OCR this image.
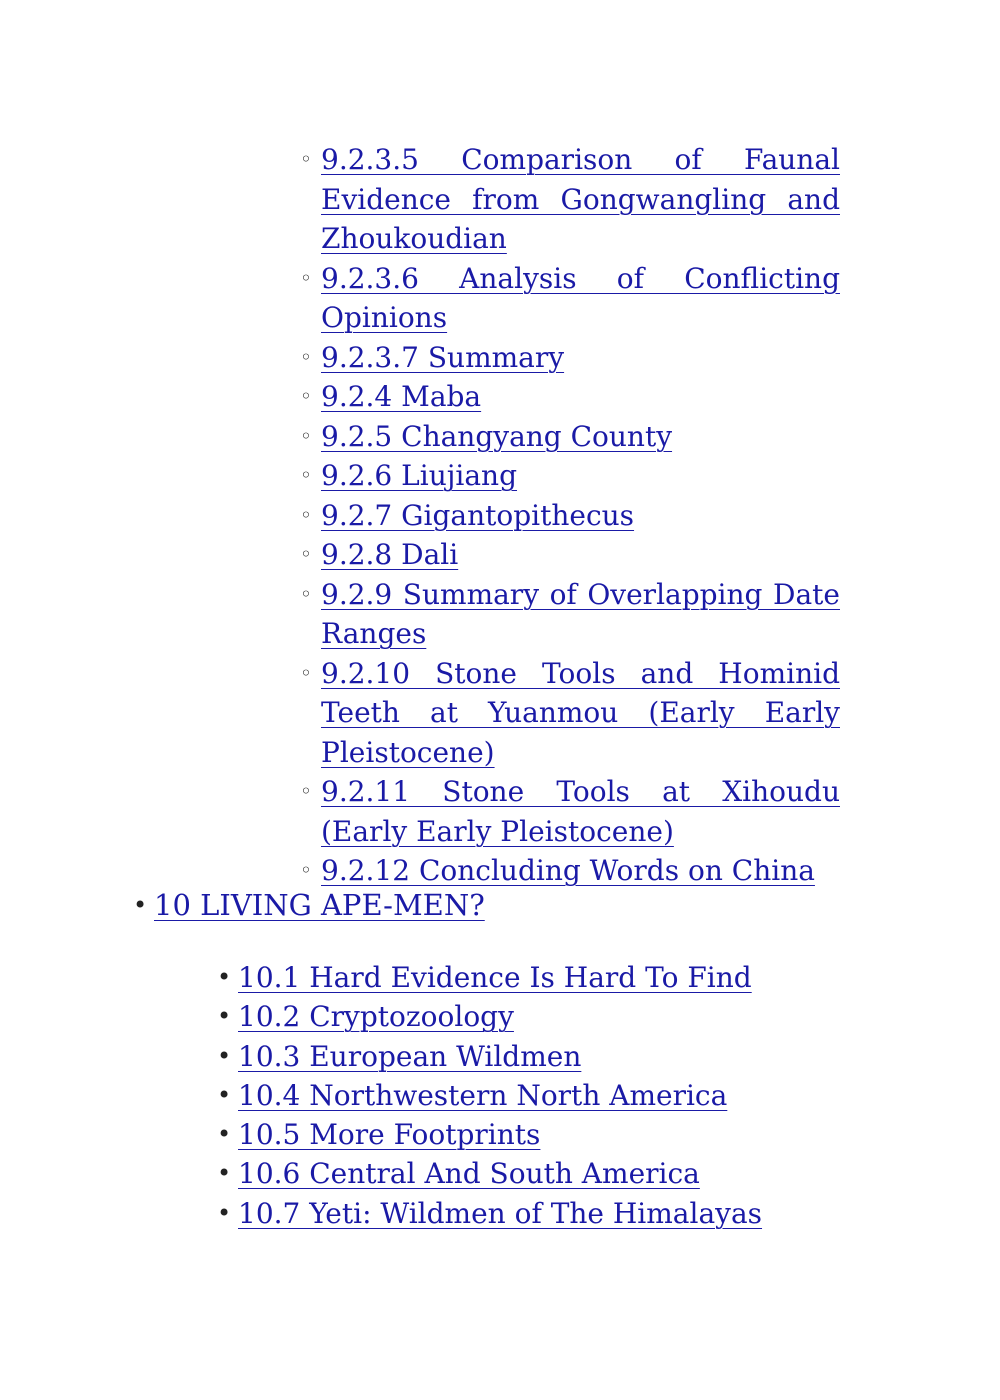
◦ 9.2.3.5 Comparison of Faunal Evidence from Gongwangling and Zhoukoudian
◦ 9.2.3.6 Analysis of Conflicting Opinions
◦ 9.2.3.7 Summary
◦ 9.2.4 Maba
◦ 9.2.5 Changyang County
◦ 9.2.6 Liujiang
◦ 9.2.7 Gigantopithecus
◦ 9.2.8 Dali
◦ 9.2.9 Summary of Overlapping Date Ranges
◦ 9.2.10 Stone Tools and Hominid Teeth at Yuanmou (Early Early Pleistocene)
◦ 9.2.11 Stone Tools at Xihoudu (Early Early Pleistocene)
◦ 9.2.12 Concluding Words on China
• 10 LIVING APE-MEN?
• 10.1 Hard Evidence Is Hard To Find
• 10.2 Cryptozoology
• 10.3 European Wildmen
• 10.4 Northwestern North America
• 10.5 More Footprints
• 10.6 Central And South America
• 10.7 Yeti: Wildmen of The Himalayas
